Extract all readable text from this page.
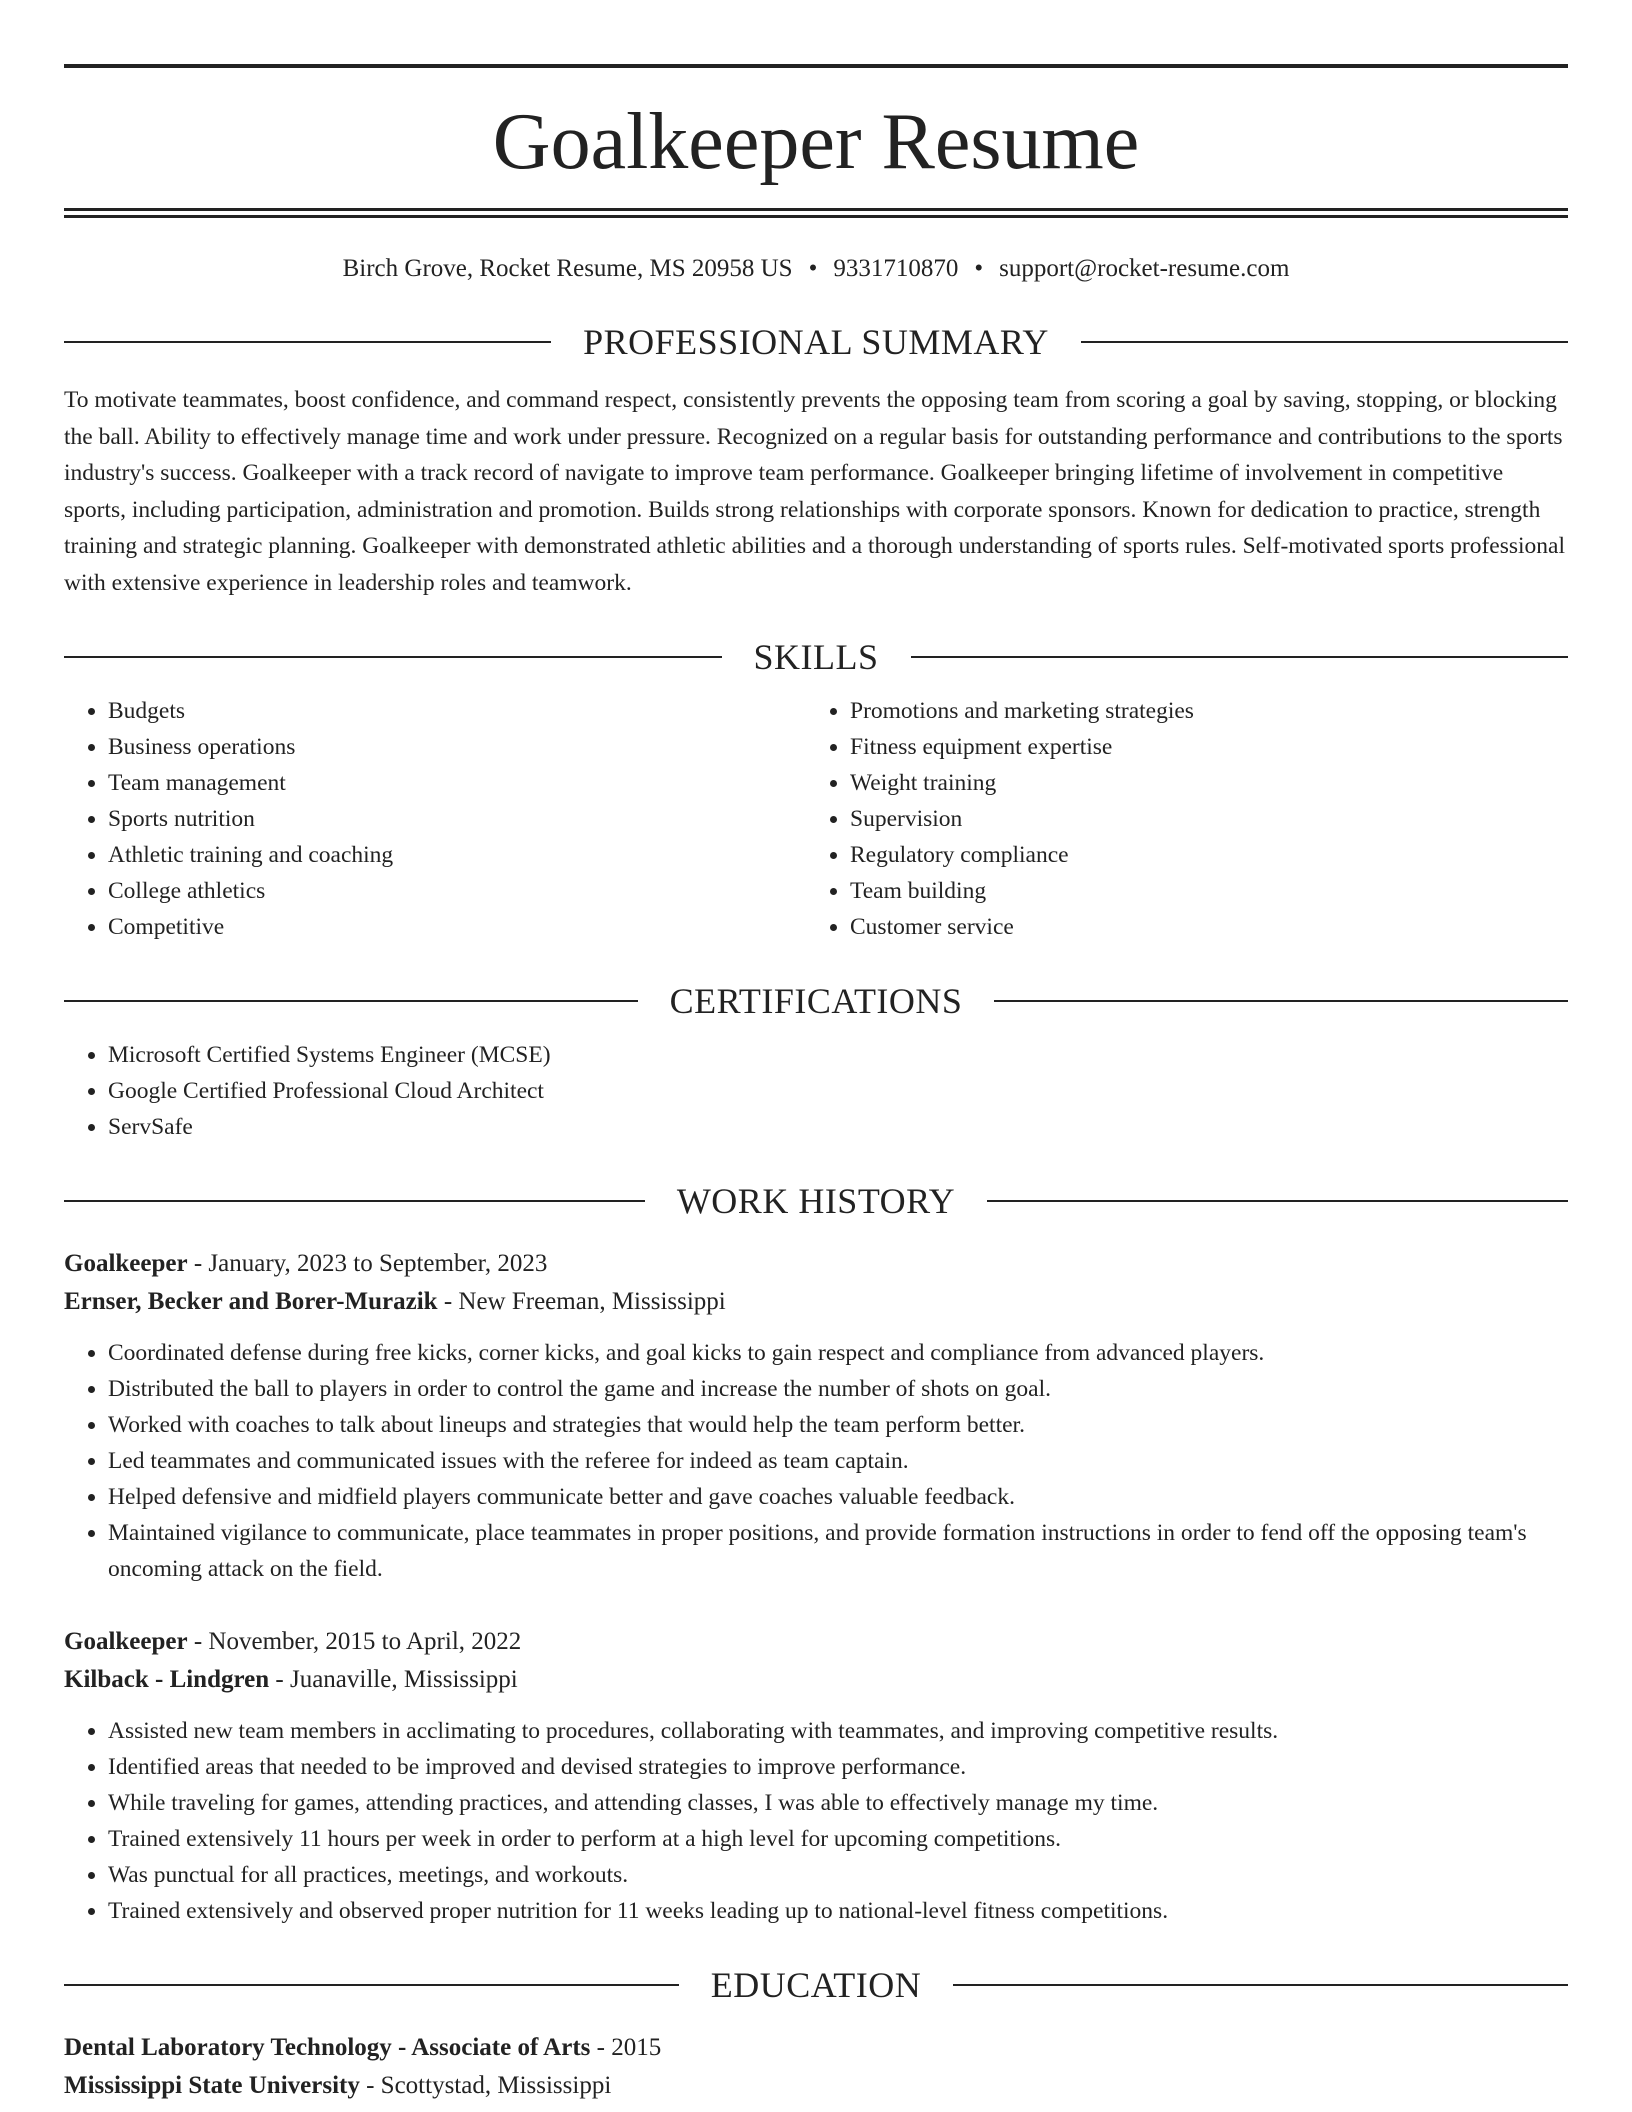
Goalkeeper Resume
Birch Grove, Rocket Resume, MS 20958 US • 9331710870 • support@rocket-resume.com
PROFESSIONAL SUMMARY
To motivate teammates, boost confidence, and command respect, consistently prevents the opposing team from scoring a goal by saving, stopping, or blocking the ball. Ability to effectively manage time and work under pressure. Recognized on a regular basis for outstanding performance and contributions to the sports industry's success. Goalkeeper with a track record of navigate to improve team performance. Goalkeeper bringing lifetime of involvement in competitive sports, including participation, administration and promotion. Builds strong relationships with corporate sponsors. Known for dedication to practice, strength training and strategic planning. Goalkeeper with demonstrated athletic abilities and a thorough understanding of sports rules. Self-motivated sports professional with extensive experience in leadership roles and teamwork.
SKILLS
• Budgets
• Business operations
• Team management
• Sports nutrition
• Athletic training and coaching
• College athletics
• Competitive
• Promotions and marketing strategies
• Fitness equipment expertise
• Weight training
• Supervision
• Regulatory compliance
• Team building
• Customer service
CERTIFICATIONS
• Microsoft Certified Systems Engineer (MCSE)
• Google Certified Professional Cloud Architect
• ServSafe
WORK HISTORY
Goalkeeper - January, 2023 to September, 2023
Ernser, Becker and Borer-Murazik - New Freeman, Mississippi
• Coordinated defense during free kicks, corner kicks, and goal kicks to gain respect and compliance from advanced players.
• Distributed the ball to players in order to control the game and increase the number of shots on goal.
• Worked with coaches to talk about lineups and strategies that would help the team perform better.
• Led teammates and communicated issues with the referee for indeed as team captain.
• Helped defensive and midfield players communicate better and gave coaches valuable feedback.
• Maintained vigilance to communicate, place teammates in proper positions, and provide formation instructions in order to fend off the opposing team's oncoming attack on the field.
Goalkeeper - November, 2015 to April, 2022
Kilback - Lindgren - Juanaville, Mississippi
• Assisted new team members in acclimating to procedures, collaborating with teammates, and improving competitive results.
• Identified areas that needed to be improved and devised strategies to improve performance.
• While traveling for games, attending practices, and attending classes, I was able to effectively manage my time.
• Trained extensively 11 hours per week in order to perform at a high level for upcoming competitions.
• Was punctual for all practices, meetings, and workouts.
• Trained extensively and observed proper nutrition for 11 weeks leading up to national-level fitness competitions.
EDUCATION
Dental Laboratory Technology - Associate of Arts - 2015
Mississippi State University - Scottystad, Mississippi
